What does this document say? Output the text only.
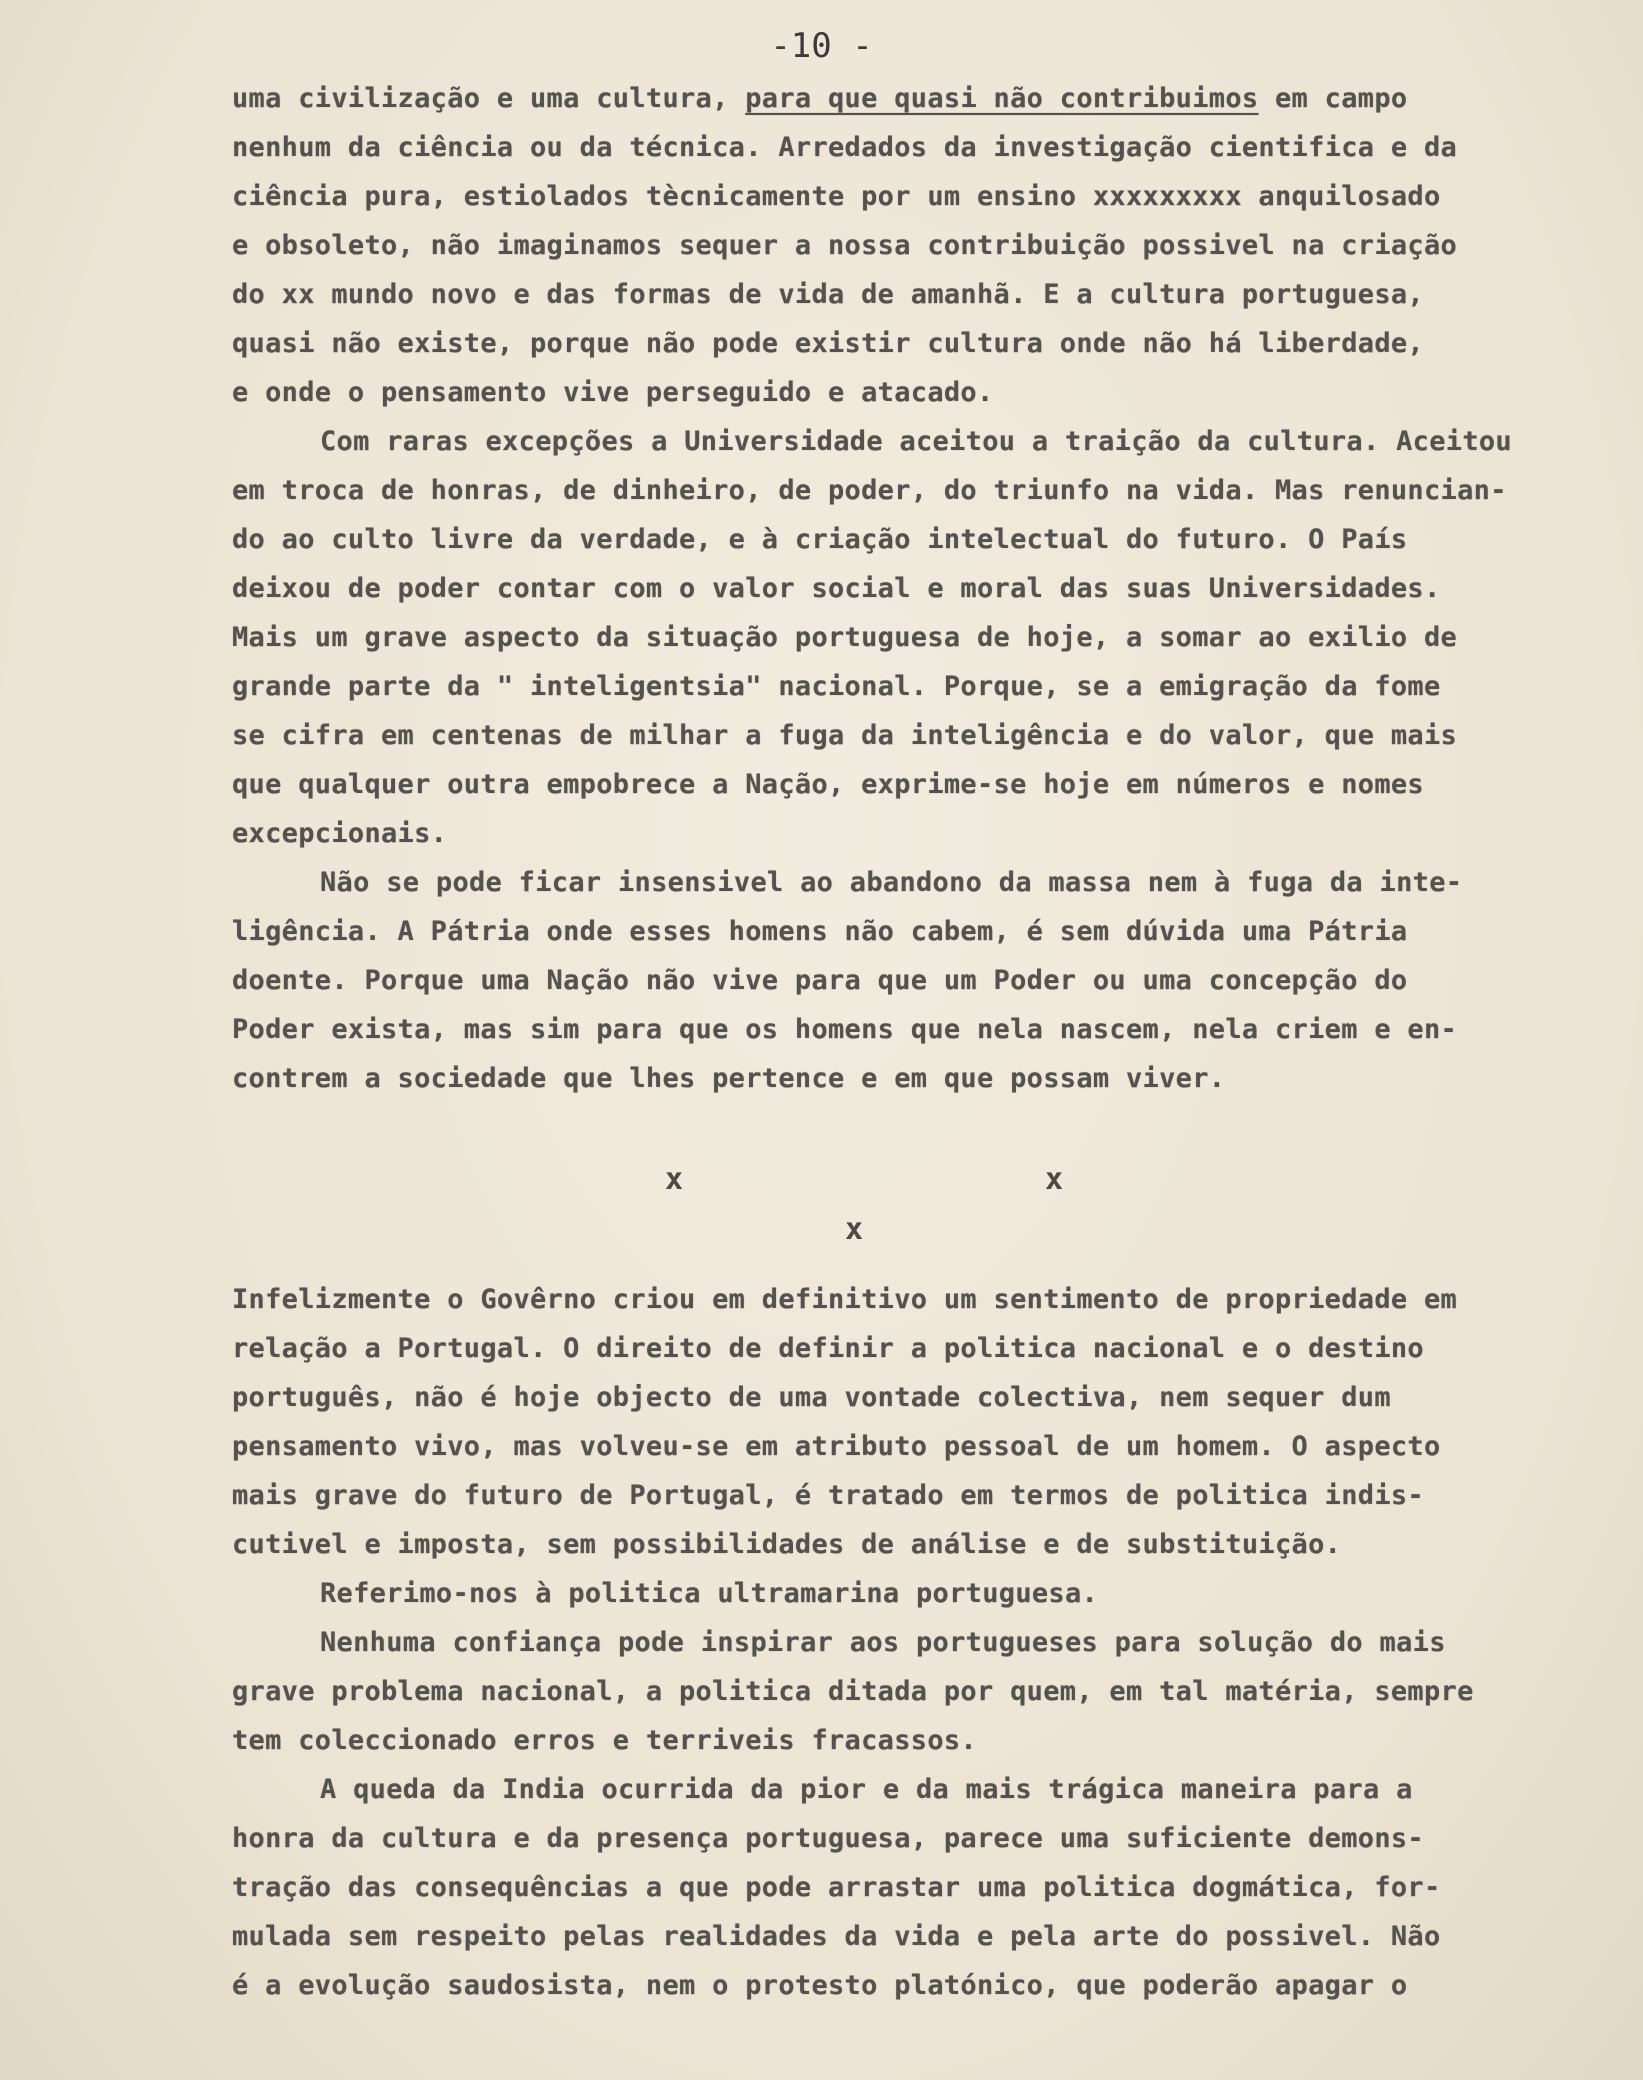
-10 -
uma civilização e uma cultura, para que quasi não contribuimos em campo
nenhum da ciência ou da técnica. Arredados da investigação cientifica e da
ciência pura, estiolados tècnicamente por um ensino xxxxxxxxx anquilosado
e obsoleto, não imaginamos sequer a nossa contribuição possivel na criação
do xx mundo novo e das formas de vida de amanhã. E a cultura portuguesa,
quasi não existe, porque não pode existir cultura onde não há liberdade,
e onde o pensamento vive perseguido e atacado.
Com raras excepções a Universidade aceitou a traição da cultura. Aceitou
em troca de honras, de dinheiro, de poder, do triunfo na vida. Mas renuncian-
do ao culto livre da verdade, e à criação intelectual do futuro. O País
deixou de poder contar com o valor social e moral das suas Universidades.
Mais um grave aspecto da situação portuguesa de hoje, a somar ao exilio de
grande parte da " inteligentsia" nacional. Porque, se a emigração da fome
se cifra em centenas de milhar a fuga da inteligência e do valor, que mais
que qualquer outra empobrece a Nação, exprime-se hoje em números e nomes
excepcionais.
Não se pode ficar insensivel ao abandono da massa nem à fuga da inte-
ligência. A Pátria onde esses homens não cabem, é sem dúvida uma Pátria
doente. Porque uma Nação não vive para que um Poder ou uma concepção do
Poder exista, mas sim para que os homens que nela nascem, nela criem e en-
contrem a sociedade que lhes pertence e em que possam viver.
x	x
x
Infelizmente o Govêrno criou em definitivo um sentimento de propriedade em
relação a Portugal. O direito de definir a politica nacional e o destino
português, não é hoje objecto de uma vontade colectiva, nem sequer dum
pensamento vivo, mas volveu-se em atributo pessoal de um homem. O aspecto
mais grave do futuro de Portugal, é tratado em termos de politica indis-
cutivel e imposta, sem possibilidades de análise e de substituição.
Referimo-nos à politica ultramarina portuguesa.
Nenhuma confiança pode inspirar aos portugueses para solução do mais
grave problema nacional, a politica ditada por quem, em tal matéria, sempre
tem coleccionado erros e terriveis fracassos.
A queda da India ocurrida da pior e da mais trágica maneira para a
honra da cultura e da presença portuguesa, parece uma suficiente demons-
tração das consequências a que pode arrastar uma politica dogmática, for-
mulada sem respeito pelas realidades da vida e pela arte do possivel. Não
é a evolução saudosista, nem o protesto platónico, que poderão apagar o
